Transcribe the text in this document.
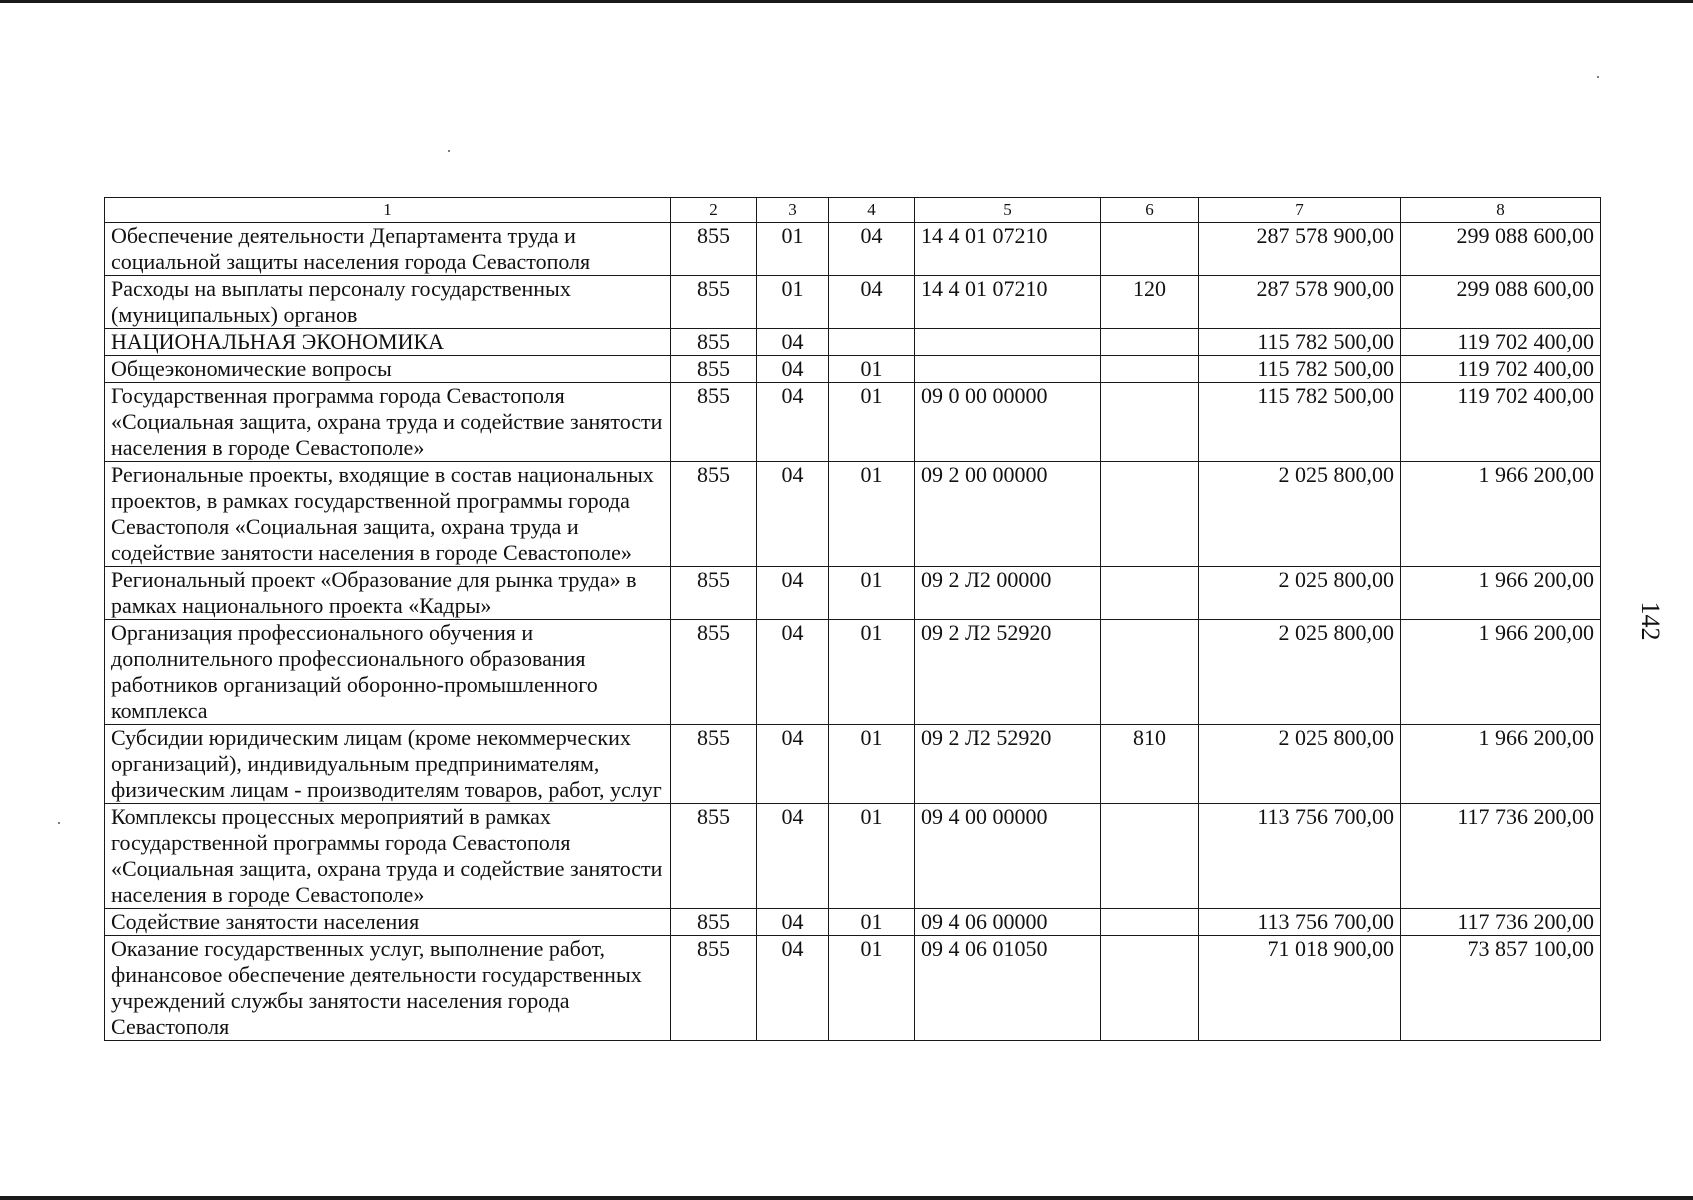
1	2	3	4	5	6	7	8
Обеспечение деятельности Департамента труда и социальной защиты населения города Севастополя	855	01	04	14 4 01 07210		287 578 900,00	299 088 600,00
Расходы на выплаты персоналу государственных (муниципальных) органов	855	01	04	14 4 01 07210	120	287 578 900,00	299 088 600,00
НАЦИОНАЛЬНАЯ ЭКОНОМИКА	855	04				115 782 500,00	119 702 400,00
Общеэкономические вопросы	855	04	01			115 782 500,00	119 702 400,00
Государственная программа города Севастополя «Социальная защита, охрана труда и содействие занятости населения в городе Севастополе»	855	04	01	09 0 00 00000		115 782 500,00	119 702 400,00
Региональные проекты, входящие в состав национальных проектов, в рамках государственной программы города Севастополя «Социальная защита, охрана труда и содействие занятости населения в городе Севастополе»	855	04	01	09 2 00 00000		2 025 800,00	1 966 200,00
Региональный проект «Образование для рынка труда» в рамках национального проекта «Кадры»	855	04	01	09 2 Л2 00000		2 025 800,00	1 966 200,00
Организация профессионального обучения и дополнительного профессионального образования работников организаций оборонно-промышленного комплекса	855	04	01	09 2 Л2 52920		2 025 800,00	1 966 200,00
Субсидии юридическим лицам (кроме некоммерческих организаций), индивидуальным предпринимателям, физическим лицам - производителям товаров, работ, услуг	855	04	01	09 2 Л2 52920	810	2 025 800,00	1 966 200,00
Комплексы процессных мероприятий в рамках государственной программы города Севастополя «Социальная защита, охрана труда и содействие занятости населения в городе Севастополе»	855	04	01	09 4 00 00000		113 756 700,00	117 736 200,00
Содействие занятости населения	855	04	01	09 4 06 00000		113 756 700,00	117 736 200,00
Оказание государственных услуг, выполнение работ, финансовое обеспечение деятельности государственных учреждений службы занятости населения города Севастополя	855	04	01	09 4 06 01050		71 018 900,00	73 857 100,00
142
